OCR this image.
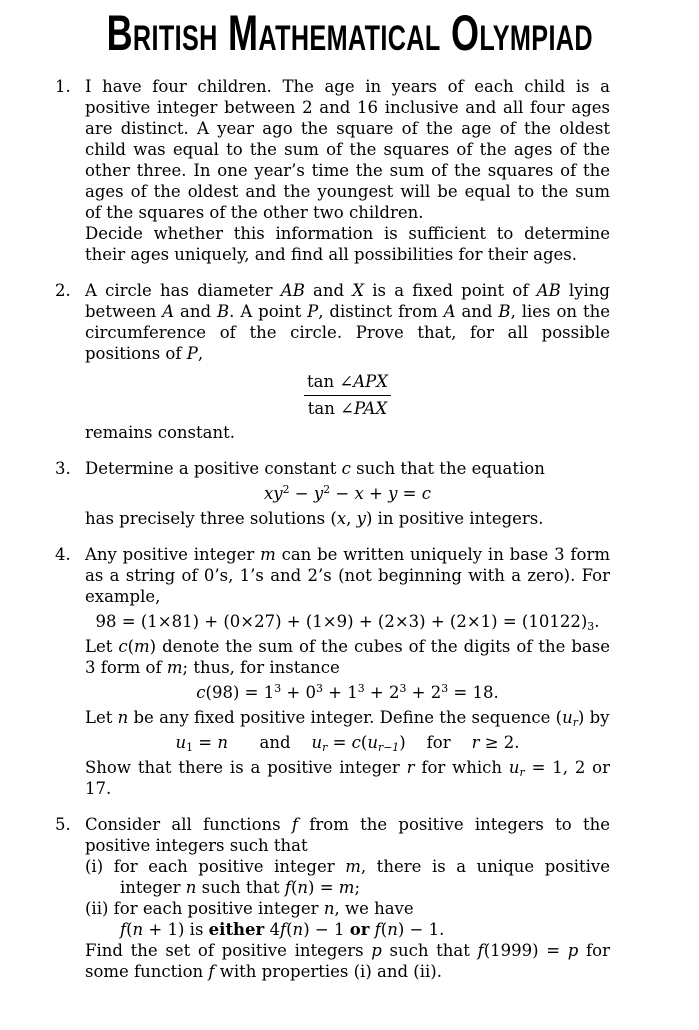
British Mathematical Olympiad
1. I have four children. The age in years of each child is a positive integer between 2 and 16 inclusive and all four ages are distinct. A year ago the square of the age of the oldest child was equal to the sum of the squares of the ages of the other three. In one year’s time the sum of the squares of the ages of the oldest and the youngest will be equal to the sum of the squares of the other two children.

Decide whether this information is sufficient to determine their ages uniquely, and find all possibilities for their ages.

2. A circle has diameter AB and X is a fixed point of AB lying between A and B. A point P, distinct from A and B, lies on the circumference of the circle. Prove that, for all possible positions of P,

$\frac{\text{tan ∠APX}}{\text{tan ∠PAX}}$

remains constant.

3. Determine a positive constant c such that the equation

$xy^2 - y^2 - x + y = c$

has precisely three solutions (x, y) in positive integers.

4. Any positive integer m can be written uniquely in base 3 form as a string of 0’s, 1’s and 2’s (not beginning with a zero). For example,

$98 = (1\times 81) + (0\times 27) + (1\times 9) + (2\times 3) + (2\times 1) = (10122)_3$.

Let c(m) denote the sum of the cubes of the digits of the base 3 form of m; thus, for instance

$c(98) = 1^3 + 0^3 + 1^3 + 2^3 + 2^3 = 18$.

Let n be any fixed positive integer. Define the sequence $(u_r)$ by

$u_1 = n$      and    $u_r = c(u_{r-1})$    for    r ≥ 2.

Show that there is a positive integer r for which $u_r = 1$, 2 or 17.

5. Consider all functions f from the positive integers to the positive integers such that

(i) for each positive integer m, there is a unique positive integer n such that f(n) = m;

(ii) for each positive integer n, we have

f(n + 1) is either 4f(n) − 1 or f(n) − 1.

Find the set of positive integers p such that f(1999) = p for some function f with properties (i) and (ii).
